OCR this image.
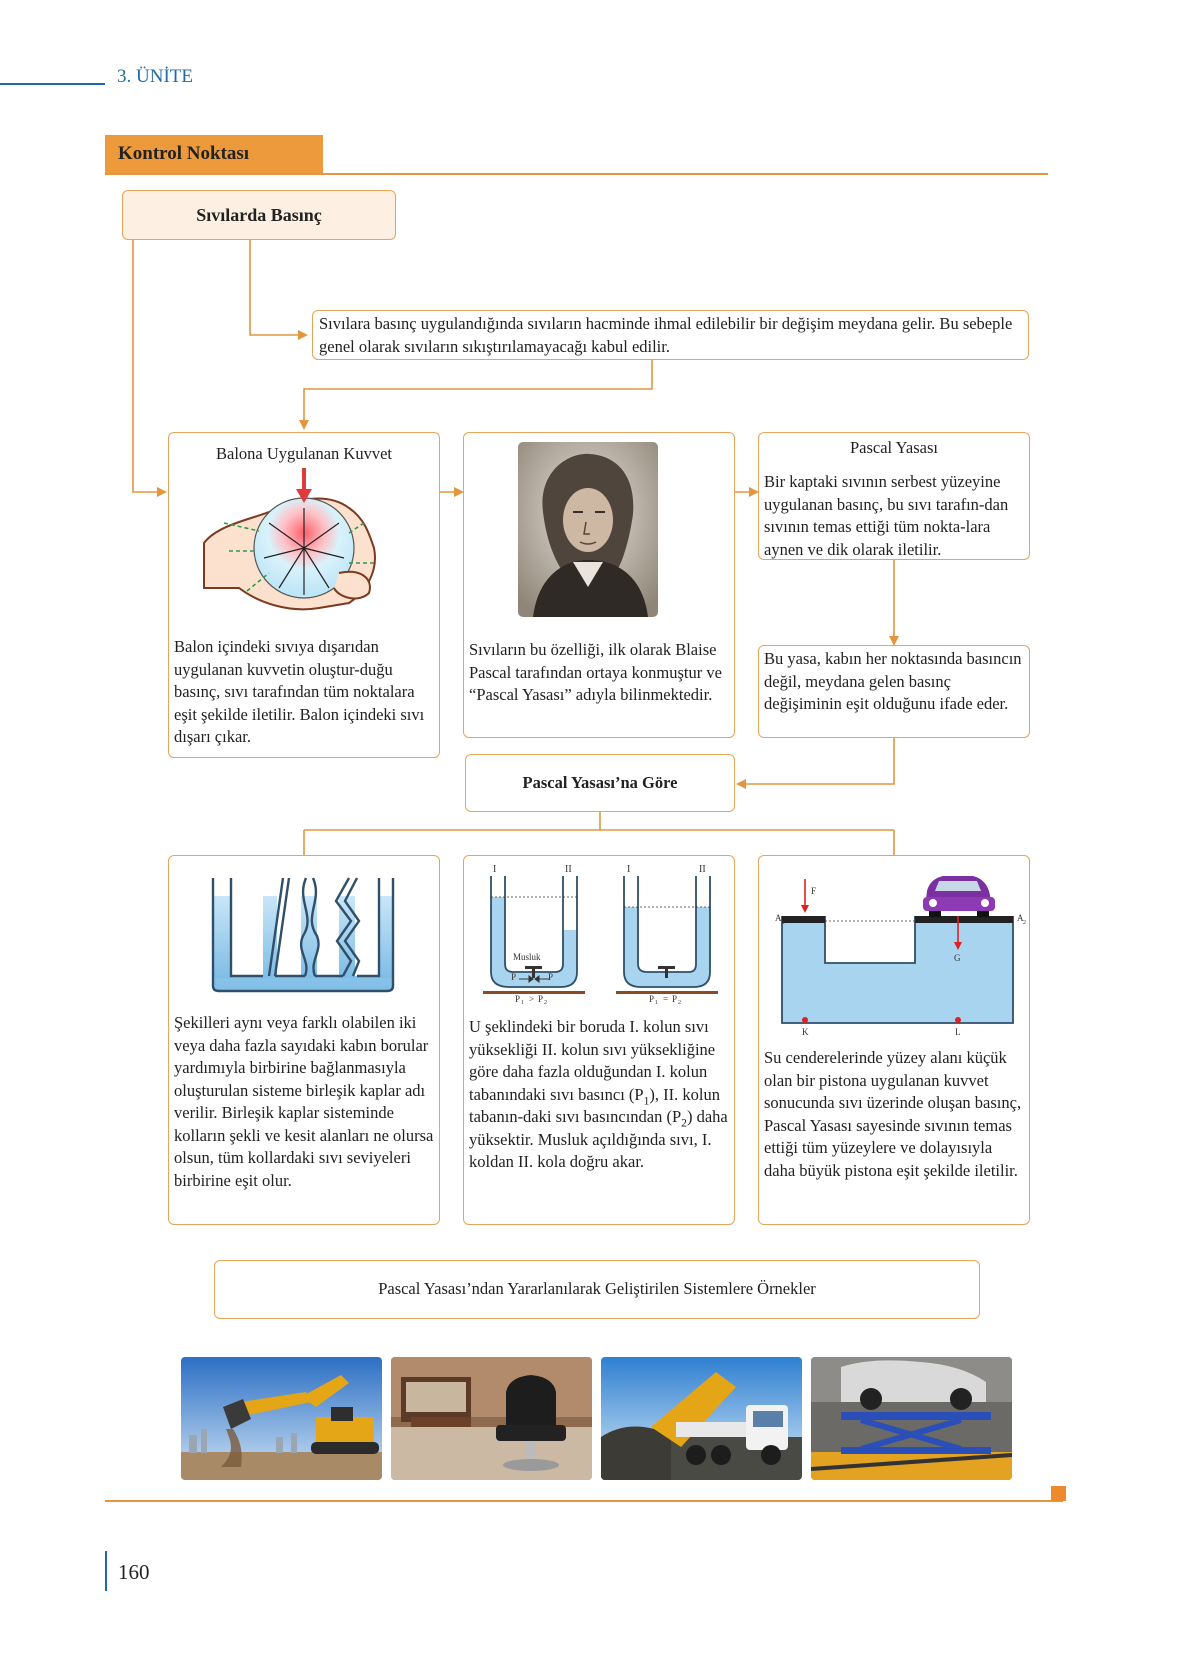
3. ÜNİTE
Kontrol Noktası
Sıvılarda Basınç
Sıvılara basınç uygulandığında sıvıların hacminde ihmal edilebilir bir değişim meydana gelir. Bu sebeple genel olarak sıvıların sıkıştırılamayacağı kabul edilir.
Balona Uygulanan Kuvvet
Balon içindeki sıvıya dışarıdan uygulanan kuvvetin oluştur-duğu basınç, sıvı tarafından tüm noktalara eşit şekilde iletilir. Balon içindeki sıvı dışarı çıkar.
Sıvıların bu özelliği, ilk olarak Blaise Pascal tarafından ortaya konmuştur ve “Pascal Yasası” adıyla bilinmektedir.
Pascal Yasası
Bir kaptaki sıvının serbest yüzeyine uygulanan basınç, bu sıvı tarafın-dan sıvının temas ettiği tüm nokta-lara aynen ve dik olarak iletilir.
Bu yasa, kabın her noktasında basıncın değil, meydana gelen basınç değişiminin eşit olduğunu ifade eder.
Pascal Yasası’na Göre
Şekilleri aynı veya farklı olabilen iki veya daha fazla sayıdaki kabın borular yardımıyla birbirine bağlanmasıyla oluşturulan sisteme birleşik kaplar adı verilir. Birleşik kaplar sisteminde kolların şekli ve kesit alanları ne olursa olsun, tüm kollardaki sıvı seviyeleri birbirine eşit olur.
I	II	I	II
Musluk
P	P
P 1 > P 2	P 1 = P 2
U şeklindeki bir boruda I. kolun sıvı yüksekliği II. kolun sıvı yüksekliğine göre daha fazla olduğundan I. kolun tabanındaki sıvı basıncı $(P_1)$, II. kolun tabanın-daki sıvı basıncından $(P_2)$ daha yüksektir. Musluk açıldığında sıvı, I. koldan II. kola doğru akar.
F
A 1	A 2
G
K	L
Su cenderelerinde yüzey alanı küçük olan bir pistona uygulanan kuvvet sonucunda sıvı üzerinde oluşan basınç, Pascal Yasası sayesinde sıvının temas ettiği tüm yüzeylere ve dolayısıyla daha büyük pistona eşit şekilde iletilir.
Pascal Yasası’ndan Yararlanılarak Geliştirilen Sistemlere Örnekler
160
